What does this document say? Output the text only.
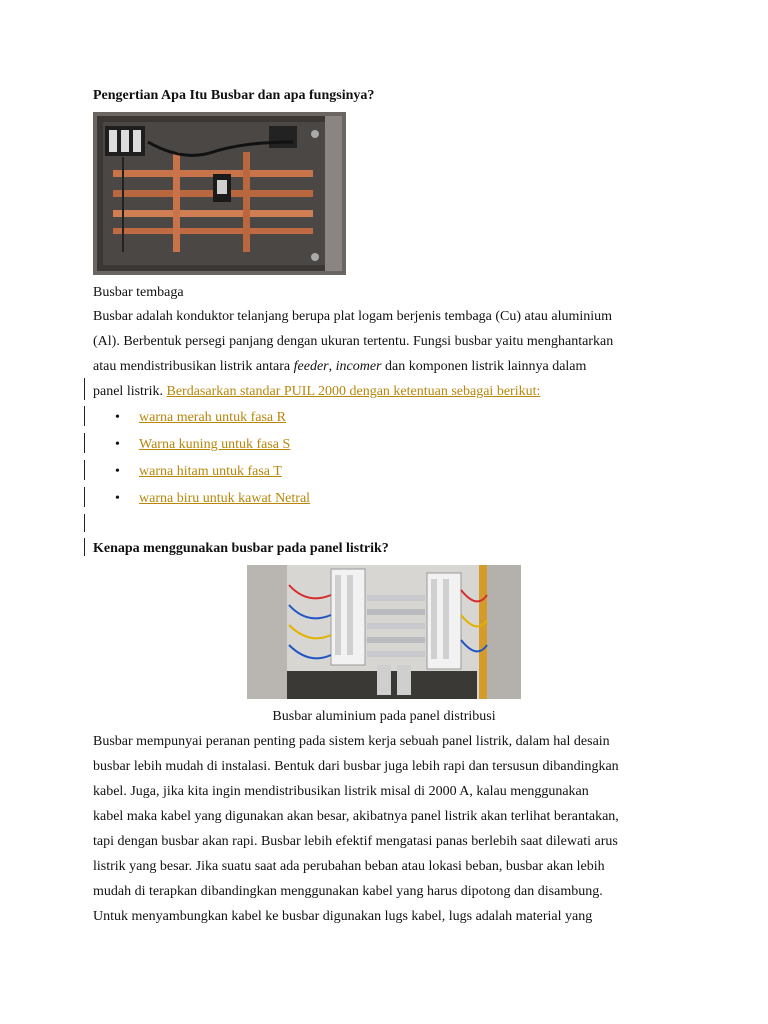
Pengertian Apa Itu Busbar dan apa fungsinya?
Busbar tembaga
Busbar adalah konduktor telanjang berupa plat logam berjenis tembaga (Cu) atau aluminium
(Al). Berbentuk persegi panjang dengan ukuran tertentu. Fungsi busbar yaitu menghantarkan
atau mendistribusikan listrik antara feeder, incomer dan komponen listrik lainnya dalam
panel listrik. Berdasarkan standar PUIL 2000 dengan ketentuan sebagai berikut:
• warna merah untuk fasa R
• Warna kuning untuk fasa S
• warna hitam untuk fasa T
• warna biru untuk kawat Netral
Kenapa menggunakan busbar pada panel listrik?
Busbar aluminium pada panel distribusi
Busbar mempunyai peranan penting pada sistem kerja sebuah panel listrik, dalam hal desain
busbar lebih mudah di instalasi. Bentuk dari busbar juga lebih rapi dan tersusun dibandingkan
kabel. Juga, jika kita ingin mendistribusikan listrik misal di 2000 A, kalau menggunakan
kabel maka kabel yang digunakan akan besar, akibatnya panel listrik akan terlihat berantakan,
tapi dengan busbar akan rapi. Busbar lebih efektif mengatasi panas berlebih saat dilewati arus
listrik yang besar. Jika suatu saat ada perubahan beban atau lokasi beban, busbar akan lebih
mudah di terapkan dibandingkan menggunakan kabel yang harus dipotong dan disambung.
Untuk menyambungkan kabel ke busbar digunakan lugs kabel, lugs adalah material yang
